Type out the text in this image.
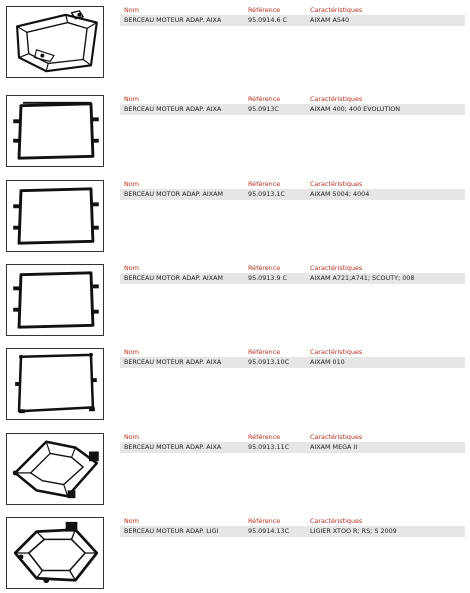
Nom	Référence	Caractéristiques
BERCEAU MOTEUR ADAP. AIXA	95.0914.6 C	AIXAM A540
Nom	Référence	Caractéristiques
BERCEAU MOTEUR ADAP. AIXA	95.0913C	AIXAM 400; 400 EVOLUTION
Nom	Référence	Caractéristiques
BERCEAU MOTOR ADAP. AIXAM	95.0913.1C	AIXAM 5004; 4004
Nom	Référence	Caractéristiques
BERCEAU MOTOR ADAP. AIXAM	95.0913.9 C	AIXAM A721;A741; SCOUTY; 008
Nom	Référence	Caractéristiques
BERCEAU MOTEUR ADAP. AIXA	95.0913.10C	AIXAM 010
Nom	Référence	Caractéristiques
BERCEAU MOTEUR ADAP. AIXA	95.0913.11C	AIXAM MEGA II
Nom	Référence	Caractéristiques
BERCEAU MOTEUR ADAP. LIGI	95.0914.13C	LIGIER XTOO R; RS; S 2009
